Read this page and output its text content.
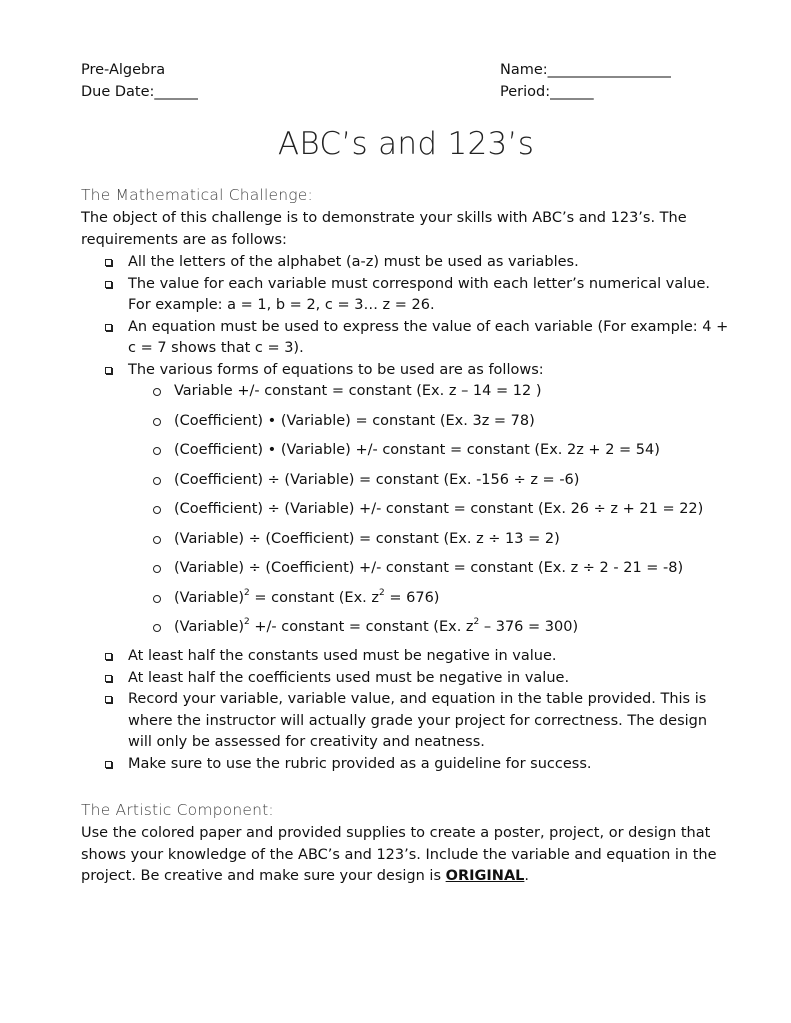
Pre-Algebra
Due Date:______
Name:_________________
Period:______
ABC’s and 123’s
The Mathematical Challenge:
The object of this challenge is to demonstrate your skills with ABC’s and 123’s. The requirements are as follows:
All the letters of the alphabet (a-z) must be used as variables.
The value for each variable must correspond with each letter’s numerical value. For example: a = 1, b = 2, c = 3… z = 26.
An equation must be used to express the value of each variable (For example: 4 + c = 7 shows that c = 3).
The various forms of equations to be used are as follows:
Variable +/- constant = constant (Ex. z – 14 = 12 )
(Coefficient) • (Variable) = constant (Ex. 3z = 78)
(Coefficient) • (Variable) +/- constant = constant (Ex. 2z + 2 = 54)
(Coefficient) ÷ (Variable) = constant (Ex. -156 ÷ z = -6)
(Coefficient) ÷ (Variable) +/- constant = constant (Ex. 26 ÷ z + 21 = 22)
(Variable) ÷ (Coefficient) = constant (Ex. z ÷ 13 = 2)
(Variable) ÷ (Coefficient) +/- constant = constant (Ex. z ÷ 2 - 21 = -8)
(Variable)$^2$ = constant (Ex. $z^2 = 676$)
(Variable)$^2$ +/- constant = constant (Ex. $z^2 - 376 = 300$)
At least half the constants used must be negative in value.
At least half the coefficients used must be negative in value.
Record your variable, variable value, and equation in the table provided. This is where the instructor will actually grade your project for correctness. The design will only be assessed for creativity and neatness.
Make sure to use the rubric provided as a guideline for success.
The Artistic Component:
Use the colored paper and provided supplies to create a poster, project, or design that shows your knowledge of the ABC’s and 123’s. Include the variable and equation in the project. Be creative and make sure your design is ORIGINAL.
